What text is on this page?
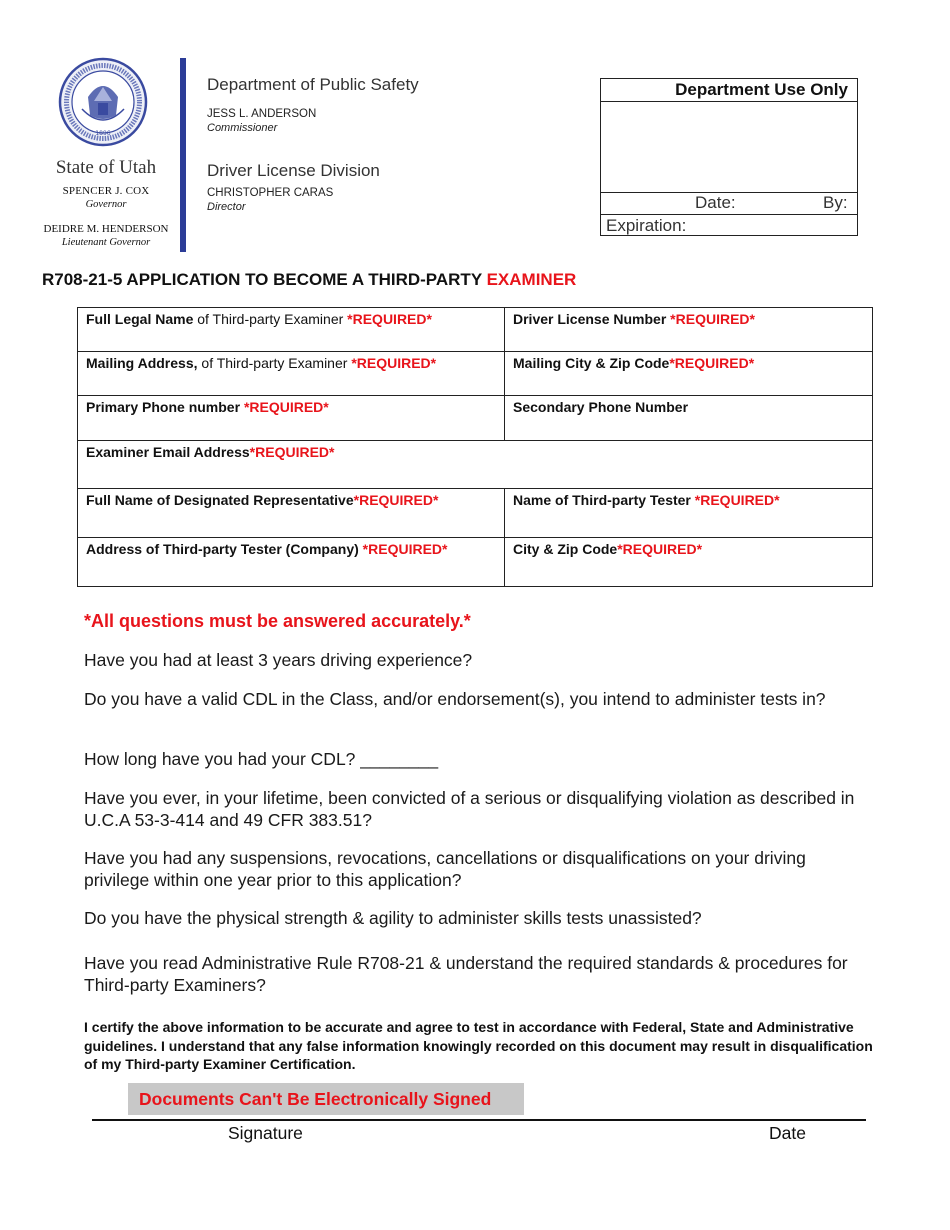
1896
State of Utah
SPENCER J. COX
Governor
DEIDRE M. HENDERSON
Lieutenant Governor
Department of Public Safety
JESS L. ANDERSON
Commissioner
Driver License Division
CHRISTOPHER CARAS
Director
Department Use Only
Date:	By:
Expiration:
R708-21-5 APPLICATION TO BECOME A THIRD-PARTY EXAMINER
Full Legal Name of Third-party Examiner *REQUIRED*	Driver License Number *REQUIRED*
Mailing Address, of Third-party Examiner *REQUIRED*	Mailing City & Zip Code*REQUIRED*
Primary Phone number *REQUIRED*	Secondary Phone Number
Examiner Email Address*REQUIRED*	
Full Name of Designated Representative*REQUIRED*	Name of Third-party Tester *REQUIRED*
Address of Third-party Tester (Company) *REQUIRED*	City & Zip Code*REQUIRED*
*All questions must be answered accurately.*
Have you had at least 3 years driving experience?
Do you have a valid CDL in the Class, and/or endorsement(s), you intend to administer tests in?
How long have you had your CDL? ________
Have you ever, in your lifetime, been convicted of a serious or disqualifying violation as described in U.C.A 53-3-414 and 49 CFR 383.51?
Have you had any suspensions, revocations, cancellations or disqualifications on your driving privilege within one year prior to this application?
Do you have the physical strength & agility to administer skills tests unassisted?
Have you read Administrative Rule R708-21 & understand the required standards & procedures for Third-party Examiners?
I certify the above information to be accurate and agree to test in accordance with Federal, State and Administrative guidelines. I understand that any false information knowingly recorded on this document may result in disqualification of my Third-party Examiner Certification.
Documents Can't Be Electronically Signed
Signature	Date
